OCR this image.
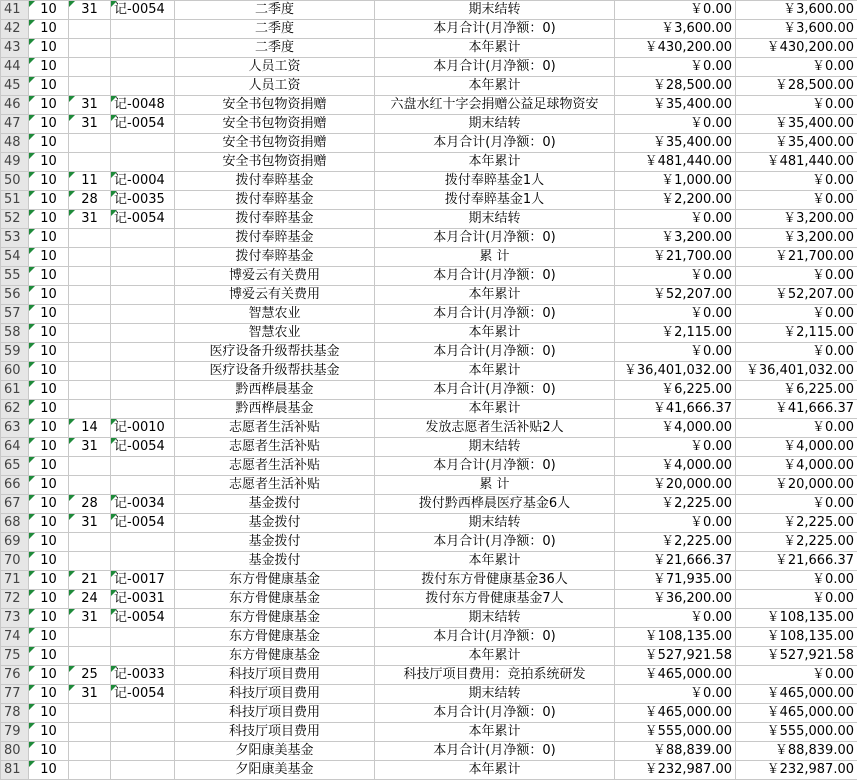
41	10	31	记-0054	二季度	期末结转	￥0.00	￥3,600.00
42	10			二季度	本月合计(月净额：0)	￥3,600.00	￥3,600.00
43	10			二季度	本年累计	￥430,200.00	￥430,200.00
44	10			人员工资	本月合计(月净额：0)	￥0.00	￥0.00
45	10			人员工资	本年累计	￥28,500.00	￥28,500.00
46	10	31	记-0048	安全书包物资捐赠	六盘水红十字会捐赠公益足球物资安	￥35,400.00	￥0.00
47	10	31	记-0054	安全书包物资捐赠	期末结转	￥0.00	￥35,400.00
48	10			安全书包物资捐赠	本月合计(月净额：0)	￥35,400.00	￥35,400.00
49	10			安全书包物资捐赠	本年累计	￥481,440.00	￥481,440.00
50	10	11	记-0004	拨付奉賥基金	拨付奉賥基金1人	￥1,000.00	￥0.00
51	10	28	记-0035	拨付奉賥基金	拨付奉賥基金1人	￥2,200.00	￥0.00
52	10	31	记-0054	拨付奉賥基金	期末结转	￥0.00	￥3,200.00
53	10			拨付奉賥基金	本月合计(月净额：0)	￥3,200.00	￥3,200.00
54	10			拨付奉賥基金	累 计	￥21,700.00	￥21,700.00
55	10			博爱云有关费用	本月合计(月净额：0)	￥0.00	￥0.00
56	10			博爱云有关费用	本年累计	￥52,207.00	￥52,207.00
57	10			智慧农业	本月合计(月净额：0)	￥0.00	￥0.00
58	10			智慧农业	本年累计	￥2,115.00	￥2,115.00
59	10			医疗设备升级帮扶基金	本月合计(月净额：0)	￥0.00	￥0.00
60	10			医疗设备升级帮扶基金	本年累计	￥36,401,032.00	￥36,401,032.00
61	10			黔西桦晨基金	本月合计(月净额：0)	￥6,225.00	￥6,225.00
62	10			黔西桦晨基金	本年累计	￥41,666.37	￥41,666.37
63	10	14	记-0010	志愿者生活补贴	发放志愿者生活补贴2人	￥4,000.00	￥0.00
64	10	31	记-0054	志愿者生活补贴	期末结转	￥0.00	￥4,000.00
65	10			志愿者生活补贴	本月合计(月净额：0)	￥4,000.00	￥4,000.00
66	10			志愿者生活补贴	累 计	￥20,000.00	￥20,000.00
67	10	28	记-0034	基金拨付	拨付黔西桦晨医疗基金6人	￥2,225.00	￥0.00
68	10	31	记-0054	基金拨付	期末结转	￥0.00	￥2,225.00
69	10			基金拨付	本月合计(月净额：0)	￥2,225.00	￥2,225.00
70	10			基金拨付	本年累计	￥21,666.37	￥21,666.37
71	10	21	记-0017	东方骨健康基金	拨付东方骨健康基金36人	￥71,935.00	￥0.00
72	10	24	记-0031	东方骨健康基金	拨付东方骨健康基金7人	￥36,200.00	￥0.00
73	10	31	记-0054	东方骨健康基金	期末结转	￥0.00	￥108,135.00
74	10			东方骨健康基金	本月合计(月净额：0)	￥108,135.00	￥108,135.00
75	10			东方骨健康基金	本年累计	￥527,921.58	￥527,921.58
76	10	25	记-0033	科技厅项目费用	科技厅项目费用：竞拍系统研发	￥465,000.00	￥0.00
77	10	31	记-0054	科技厅项目费用	期末结转	￥0.00	￥465,000.00
78	10			科技厅项目费用	本月合计(月净额：0)	￥465,000.00	￥465,000.00
79	10			科技厅项目费用	本年累计	￥555,000.00	￥555,000.00
80	10			夕阳康美基金	本月合计(月净额：0)	￥88,839.00	￥88,839.00
81	10			夕阳康美基金	本年累计	￥232,987.00	￥232,987.00
